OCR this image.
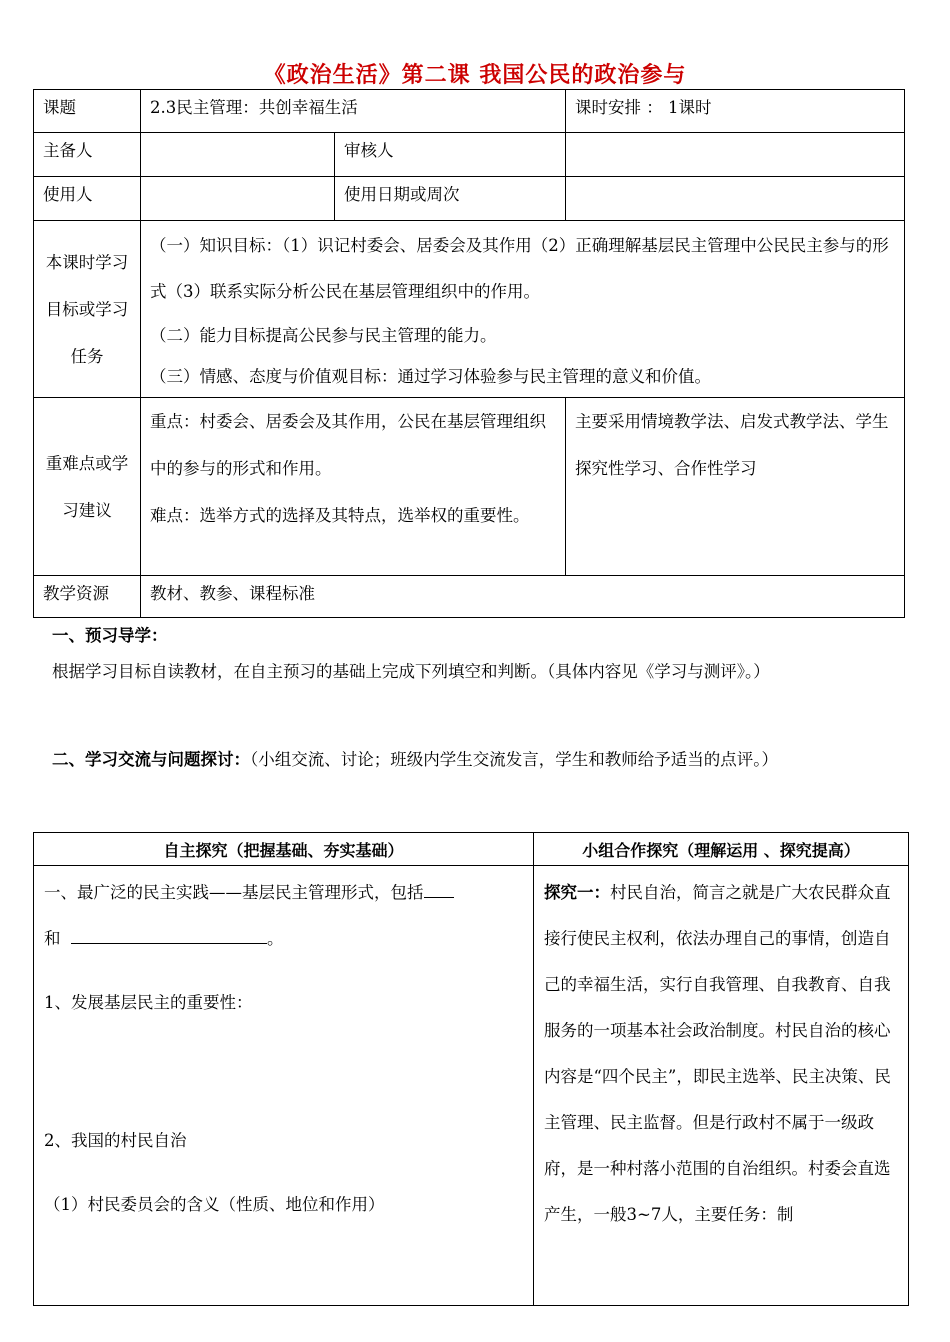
《政治生活》第二课 我国公民的政治参与
课题	2.3民主管理：共创幸福生活		课时安排 ： 1课时
主备人		审核人	
使用人		使用日期或周次	
本课时学习目标或学习任务	（一）知识目标：（1）识记村委会、居委会及其作用（2）正确理解基层民主管理中公民民主参与的形式（3）联系实际分析公民在基层管理组织中的作用。
（二）能力目标提高公民参与民主管理的能力。
（三）情感、态度与价值观目标：通过学习体验参与民主管理的意义和价值。		

重难点或学习建议	重点：村委会、居委会及其作用，公民在基层管理组织中的参与的形式和作用。
难点：选举方式的选择及其特点，选举权的重要性。		主要采用情境教学法、启发式教学法、学生探究性学习、合作性学习
教学资源	教材、教参、课程标准		
一、预习导学：
根据学习目标自读教材，在自主预习的基础上完成下列填空和判断。（具体内容见《学习与测评》。）
二、学习交流与问题探讨：（小组交流、讨论；班级内学生交流发言，学生和教师给予适当的点评。）
自主探究（把握基础、夯实基础）	小组合作探究（理解运用 、探究提高）

一、最广泛的民主实践——基层民主管理形式，包括
和 。
1、发展基层民主的重要性：
2、我国的村民自治
（1）村民委员会的含义（性质、地位和作用）	探究一：村民自治，简言之就是广大农民群众直接行使民主权利，依法办理自己的事情，创造自己的幸福生活，实行自我管理、自我教育、自我服务的一项基本社会政治制度。村民自治的核心内容是“四个民主”，即民主选举、民主决策、民主管理、民主监督。但是行政村不属于一级政府，是一种村落小范围的自治组织。村委会直选产生，一般3~7人，主要任务：制
